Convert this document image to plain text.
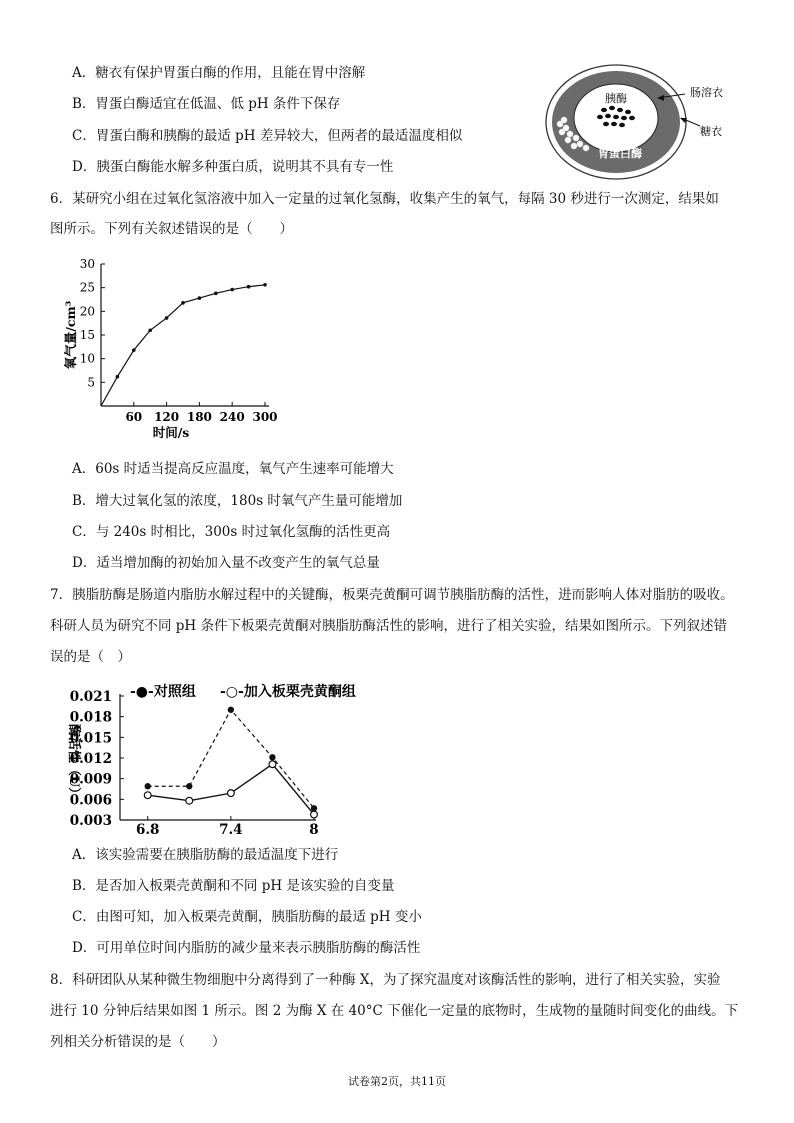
A．糖衣有保护胃蛋白酶的作用，且能在胃中溶解
B．胃蛋白酶适宜在低温、低 pH 条件下保存
C．胃蛋白酶和胰酶的最适 pH 差异较大，但两者的最适温度相似
D．胰蛋白酶能水解多种蛋白质，说明其不具有专一性
胰酶
胃蛋白酶
肠溶衣
糖衣
6．某研究小组在过氧化氢溶液中加入一定量的过氧化氢酶，收集产生的氧气，每隔 30 秒进行一次测定，结果如
图所示。下列有关叙述错误的是（　　）
5
10
15
20
25
30
60 120 180 240 300
时间/s
氧气量/cm³
A．60s 时适当提高反应温度，氧气产生速率可能增大
B．增大过氧化氢的浓度，180s 时氧气产生量可能增加
C．与 240s 时相比，300s 时过氧化氢酶的活性更高
D．适当增加酶的初始加入量不改变产生的氧气总量
7．胰脂肪酶是肠道内脂肪水解过程中的关键酶，板栗壳黄酮可调节胰脂肪酶的活性，进而影响人体对脂肪的吸收。
科研人员为研究不同 pH 条件下板栗壳黄酮对胰脂肪酶活性的影响，进行了相关实验，结果如图所示。下列叙述错
误的是（　）
0.003
0.006
0.009
0.012
0.015
0.018
0.021
6.8	7.4	8
酶活性（U）
-●-对照组 -○-加入板栗壳黄酮组
A．该实验需要在胰脂肪酶的最适温度下进行
B．是否加入板栗壳黄酮和不同 pH 是该实验的自变量
C．由图可知，加入板栗壳黄酮，胰脂肪酶的最适 pH 变小
D．可用单位时间内脂肪的减少量来表示胰脂肪酶的酶活性
8．科研团队从某种微生物细胞中分离得到了一种酶 X，为了探究温度对该酶活性的影响，进行了相关实验，实验
进行 10 分钟后结果如图 1 所示。图 2 为酶 X 在 40°C 下催化一定量的底物时，生成物的量随时间变化的曲线。下
列相关分析错误的是（　　）
试卷第2页，共11页
